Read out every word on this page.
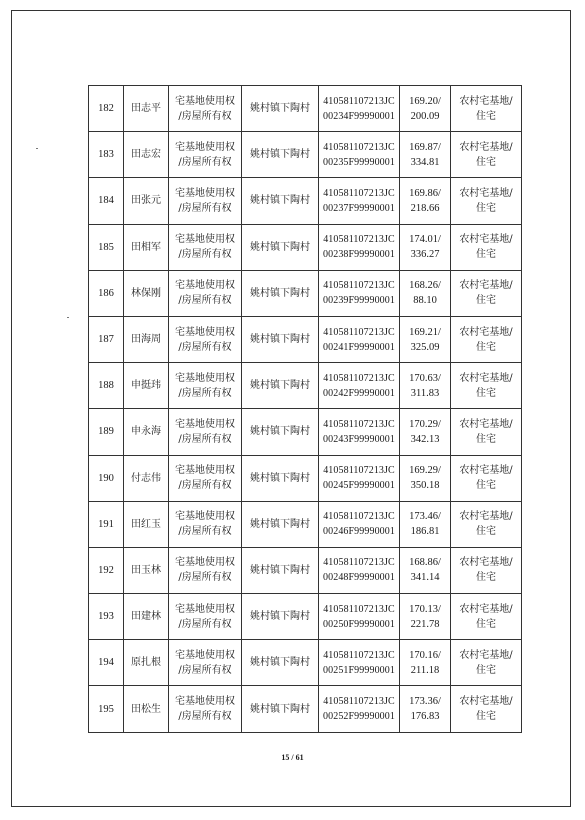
182	田志平	宅基地使用权
/房屋所有权	姚村镇下陶村	410581107213JC
00234F99990001	169.20/
200.09	农村宅基地/
住宅

183	田志宏	宅基地使用权
/房屋所有权	姚村镇下陶村	410581107213JC
00235F99990001	169.87/
334.81	农村宅基地/
住宅

184	田张元	宅基地使用权
/房屋所有权	姚村镇下陶村	410581107213JC
00237F99990001	169.86/
218.66	农村宅基地/
住宅

185	田相军	宅基地使用权
/房屋所有权	姚村镇下陶村	410581107213JC
00238F99990001	174.01/
336.27	农村宅基地/
住宅

186	林保刚	宅基地使用权
/房屋所有权	姚村镇下陶村	410581107213JC
00239F99990001	168.26/
88.10	农村宅基地/
住宅

187	田海周	宅基地使用权
/房屋所有权	姚村镇下陶村	410581107213JC
00241F99990001	169.21/
325.09	农村宅基地/
住宅

188	申挺玮	宅基地使用权
/房屋所有权	姚村镇下陶村	410581107213JC
00242F99990001	170.63/
311.83	农村宅基地/
住宅

189	申永海	宅基地使用权
/房屋所有权	姚村镇下陶村	410581107213JC
00243F99990001	170.29/
342.13	农村宅基地/
住宅

190	付志伟	宅基地使用权
/房屋所有权	姚村镇下陶村	410581107213JC
00245F99990001	169.29/
350.18	农村宅基地/
住宅

191	田红玉	宅基地使用权
/房屋所有权	姚村镇下陶村	410581107213JC
00246F99990001	173.46/
186.81	农村宅基地/
住宅

192	田玉林	宅基地使用权
/房屋所有权	姚村镇下陶村	410581107213JC
00248F99990001	168.86/
341.14	农村宅基地/
住宅

193	田建林	宅基地使用权
/房屋所有权	姚村镇下陶村	410581107213JC
00250F99990001	170.13/
221.78	农村宅基地/
住宅

194	原扎根	宅基地使用权
/房屋所有权	姚村镇下陶村	410581107213JC
00251F99990001	170.16/
211.18	农村宅基地/
住宅

195	田松生	宅基地使用权
/房屋所有权	姚村镇下陶村	410581107213JC
00252F99990001	173.36/
176.83	农村宅基地/
住宅
15 / 61
